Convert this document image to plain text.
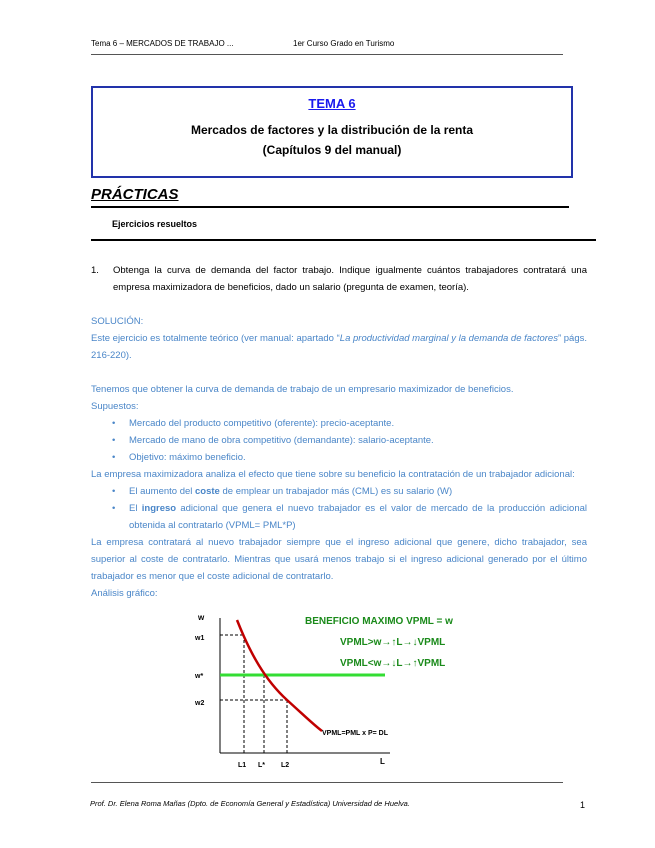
Tema 6 – MERCADOS DE TRABAJO ...	1er Curso Grado en Turismo
TEMA 6
Mercados de factores y la distribución de la renta
(Capítulos 9 del manual)
PRÁCTICAS
Ejercicios resueltos
1. Obtenga la curva de demanda del factor trabajo. Indique igualmente cuántos trabajadores contratará una empresa maximizadora de beneficios, dado un salario (pregunta de examen, teoría).
SOLUCIÓN:
Este ejercicio es totalmente teórico (ver manual: apartado “La productividad marginal y la demanda de factores” págs. 216-220).
Tenemos que obtener la curva de demanda de trabajo de un empresario maximizador de beneficios.
Supuestos:
• Mercado del producto competitivo (oferente): precio-aceptante.
• Mercado de mano de obra competitivo (demandante): salario-aceptante.
• Objetivo: máximo beneficio.
La empresa maximizadora analiza el efecto que tiene sobre su beneficio la contratación de un trabajador adicional:
• El aumento del coste de emplear un trabajador más (CML) es su salario (W)
• El ingreso adicional que genera el nuevo trabajador es el valor de mercado de la producción adicional obtenida al contratarlo (VPML= PML*P)
La empresa contratará al nuevo trabajador siempre que el ingreso adicional que genere, dicho trabajador, sea superior al coste de contratarlo. Mientras que usará menos trabajo si el ingreso adicional generado por el último trabajador es menor que el coste adicional de contratarlo.
Análisis gráfico:
w
w1
w*
w2
L
L1 L* L2
VPML=PML x P= DL
BENEFICIO MAXIMO VPML = w
VPML>w→↑L→↓VPML
VPML<w→↓L→↑VPML
Prof. Dr. Elena Roma Mañas (Dpto. de Economía General y Estadística) Universidad de Huelva.	1
